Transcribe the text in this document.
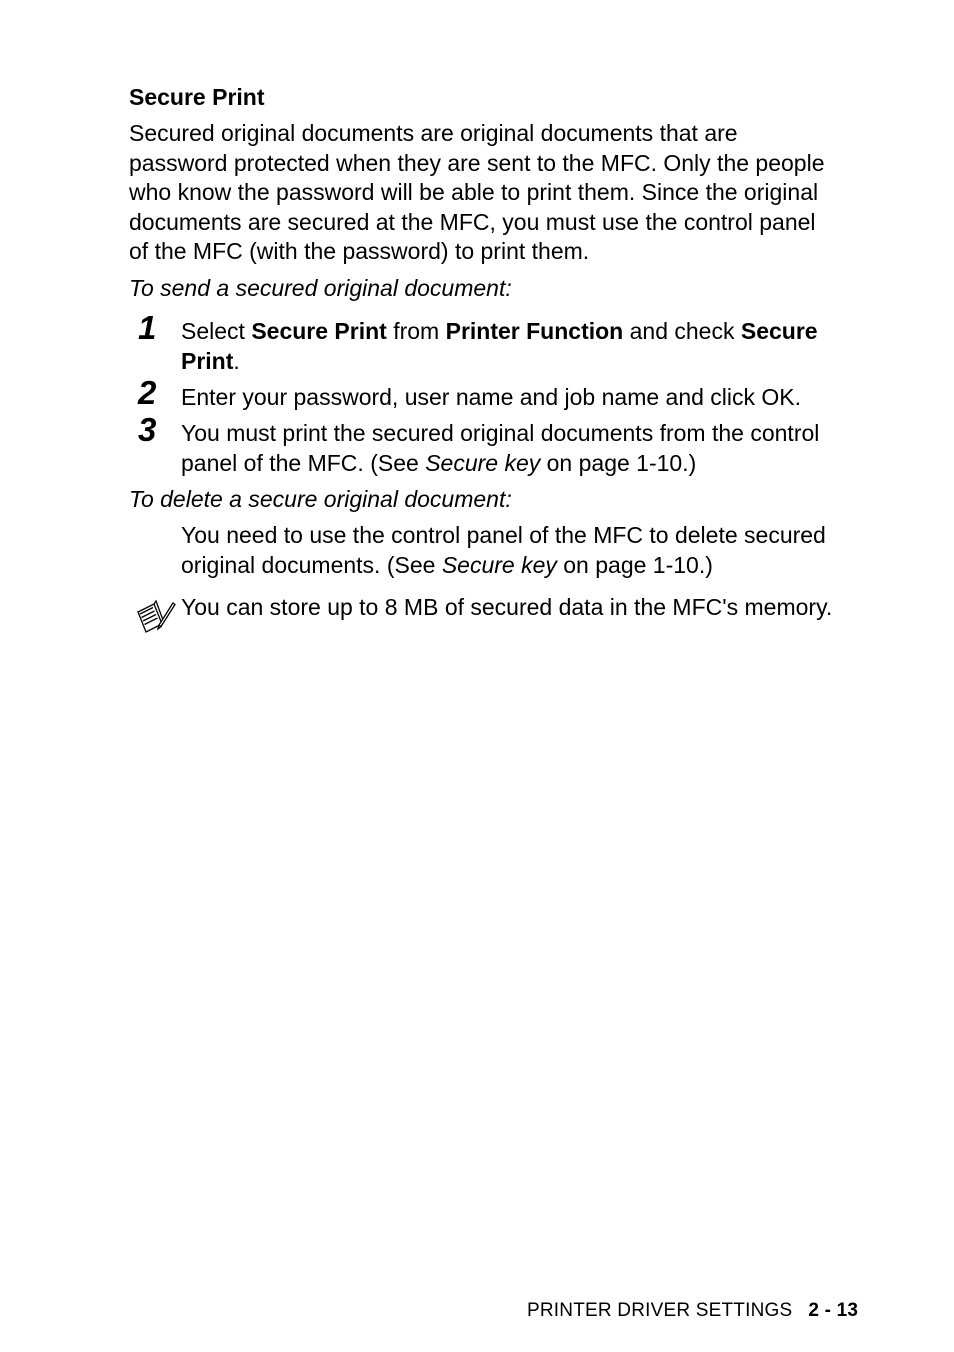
Secure Print
Secured original documents are original documents that are
password protected when they are sent to the MFC. Only the people
who know the password will be able to print them. Since the original
documents are secured at the MFC, you must use the control panel
of the MFC (with the password) to print them.
To send a secured original document:
1 Select Secure Print from Printer Function and check Secure
Print.
2 Enter your password, user name and job name and click OK.
3 You must print the secured original documents from the control
panel of the MFC. (See Secure key on page 1-10.)
To delete a secure original document:
You need to use the control panel of the MFC to delete secured
original documents. (See Secure key on page 1-10.)
You can store up to 8 MB of secured data in the MFC's memory.
PRINTER DRIVER SETTINGS 2 - 13
